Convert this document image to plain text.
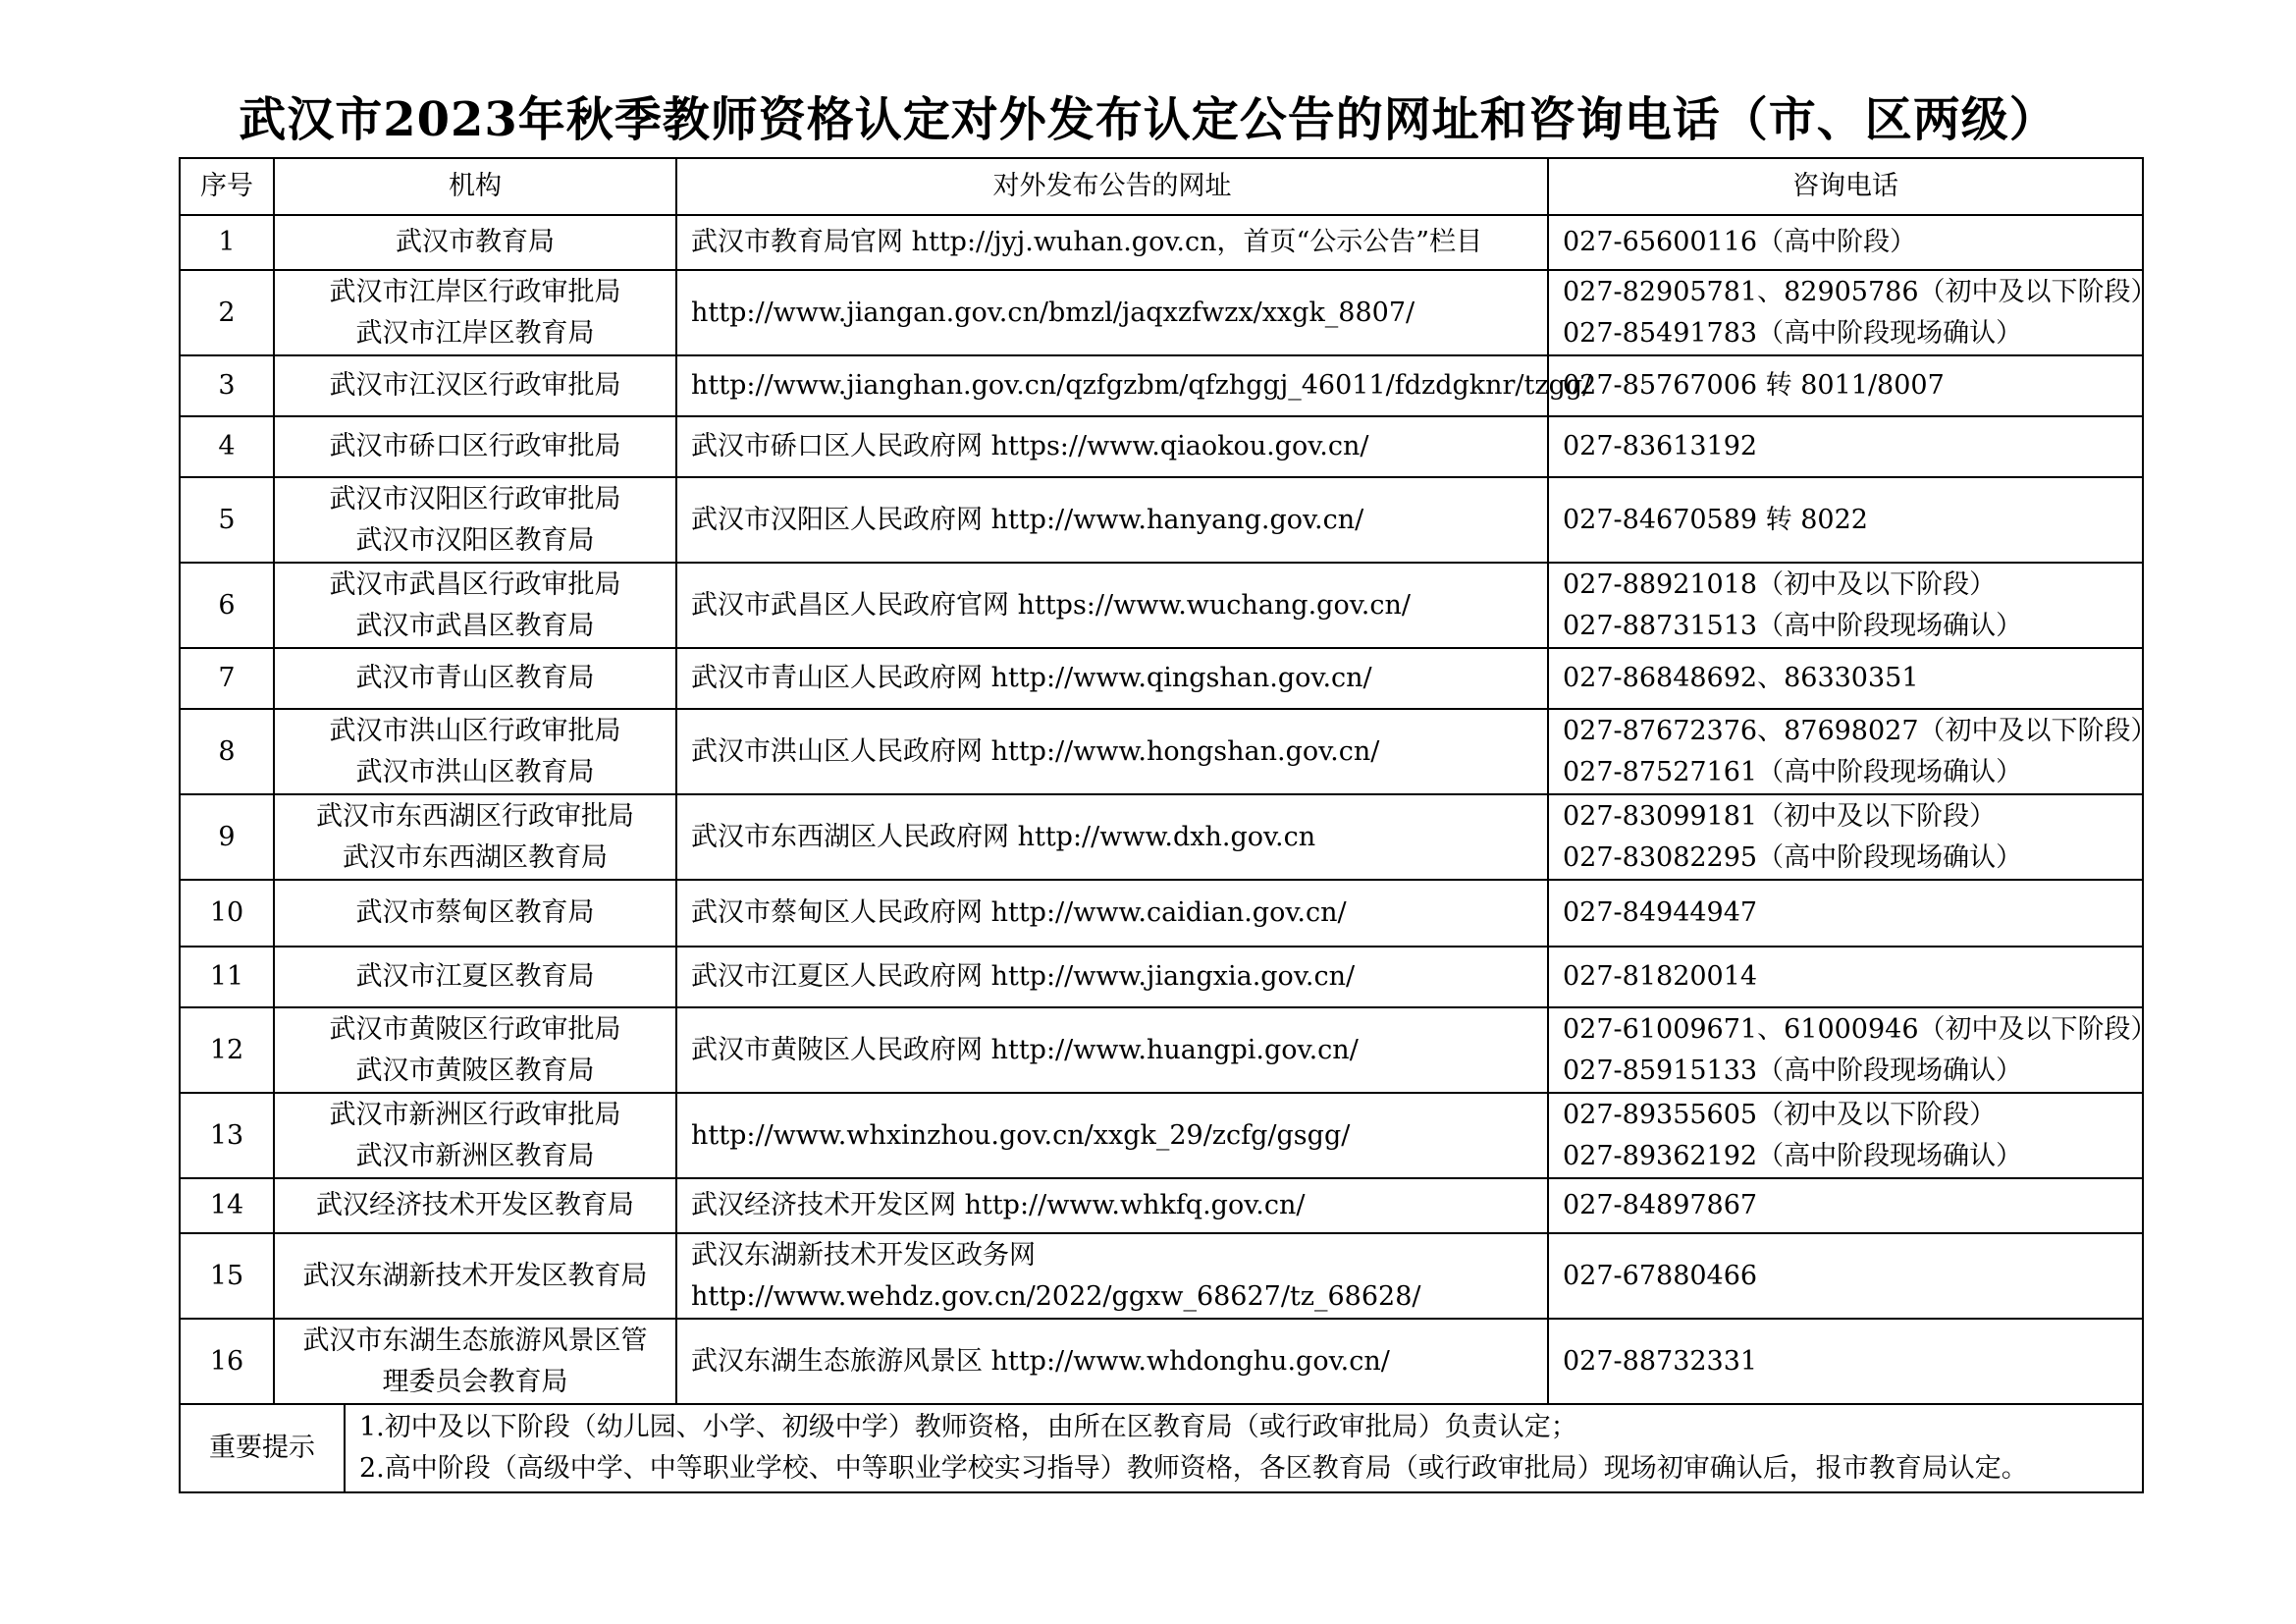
武汉市2023年秋季教师资格认定对外发布认定公告的网址和咨询电话（市、区两级）
序号	机构	对外发布公告的网址	咨询电话
1	武汉市教育局	武汉市教育局官网 http://jyj.wuhan.gov.cn，首页“公示公告”栏目	027-65600116（高中阶段）

2	武汉市江岸区行政审批局
武汉市江岸区教育局	http://www.jiangan.gov.cn/bmzl/jaqxzfwzx/xxgk_8807/	027-82905781、82905786（初中及以下阶段）
027-85491783（高中阶段现场确认）

3	武汉市江汉区行政审批局	http://www.jianghan.gov.cn/qzfgzbm/qfzhggj_46011/fdzdgknr/tzgg/	027-85767006 转 8011/8007

4	武汉市硚口区行政审批局	武汉市硚口区人民政府网 https://www.qiaokou.gov.cn/	027-83613192

5	武汉市汉阳区行政审批局
武汉市汉阳区教育局	武汉市汉阳区人民政府网 http://www.hanyang.gov.cn/	027-84670589 转 8022

6	武汉市武昌区行政审批局
武汉市武昌区教育局	武汉市武昌区人民政府官网 https://www.wuchang.gov.cn/	027-88921018（初中及以下阶段）
027-88731513（高中阶段现场确认）

7	武汉市青山区教育局	武汉市青山区人民政府网 http://www.qingshan.gov.cn/	027-86848692、86330351

8	武汉市洪山区行政审批局
武汉市洪山区教育局	武汉市洪山区人民政府网 http://www.hongshan.gov.cn/	027-87672376、87698027（初中及以下阶段）
027-87527161（高中阶段现场确认）

9	武汉市东西湖区行政审批局
武汉市东西湖区教育局	武汉市东西湖区人民政府网 http://www.dxh.gov.cn	027-83099181（初中及以下阶段）
027-83082295（高中阶段现场确认）

10	武汉市蔡甸区教育局	武汉市蔡甸区人民政府网 http://www.caidian.gov.cn/	027-84944947

11	武汉市江夏区教育局	武汉市江夏区人民政府网 http://www.jiangxia.gov.cn/	027-81820014

12	武汉市黄陂区行政审批局
武汉市黄陂区教育局	武汉市黄陂区人民政府网 http://www.huangpi.gov.cn/	027-61009671、61000946（初中及以下阶段）
027-85915133（高中阶段现场确认）

13	武汉市新洲区行政审批局
武汉市新洲区教育局	http://www.whxinzhou.gov.cn/xxgk_29/zcfg/gsgg/	027-89355605（初中及以下阶段）
027-89362192（高中阶段现场确认）

14	武汉经济技术开发区教育局	武汉经济技术开发区网 http://www.whkfq.gov.cn/	027-84897867

15	武汉东湖新技术开发区教育局	武汉东湖新技术开发区政务网
http://www.wehdz.gov.cn/2022/ggxw_68627/tz_68628/	027-67880466

16	武汉市东湖生态旅游风景区管
理委员会教育局	武汉东湖生态旅游风景区 http://www.whdonghu.gov.cn/	027-88732331

重要提示	1.初中及以下阶段（幼儿园、小学、初级中学）教师资格，由所在区教育局（或行政审批局）负责认定；
2.高中阶段（高级中学、中等职业学校、中等职业学校实习指导）教师资格，各区教育局（或行政审批局）现场初审确认后，报市教育局认定。		
